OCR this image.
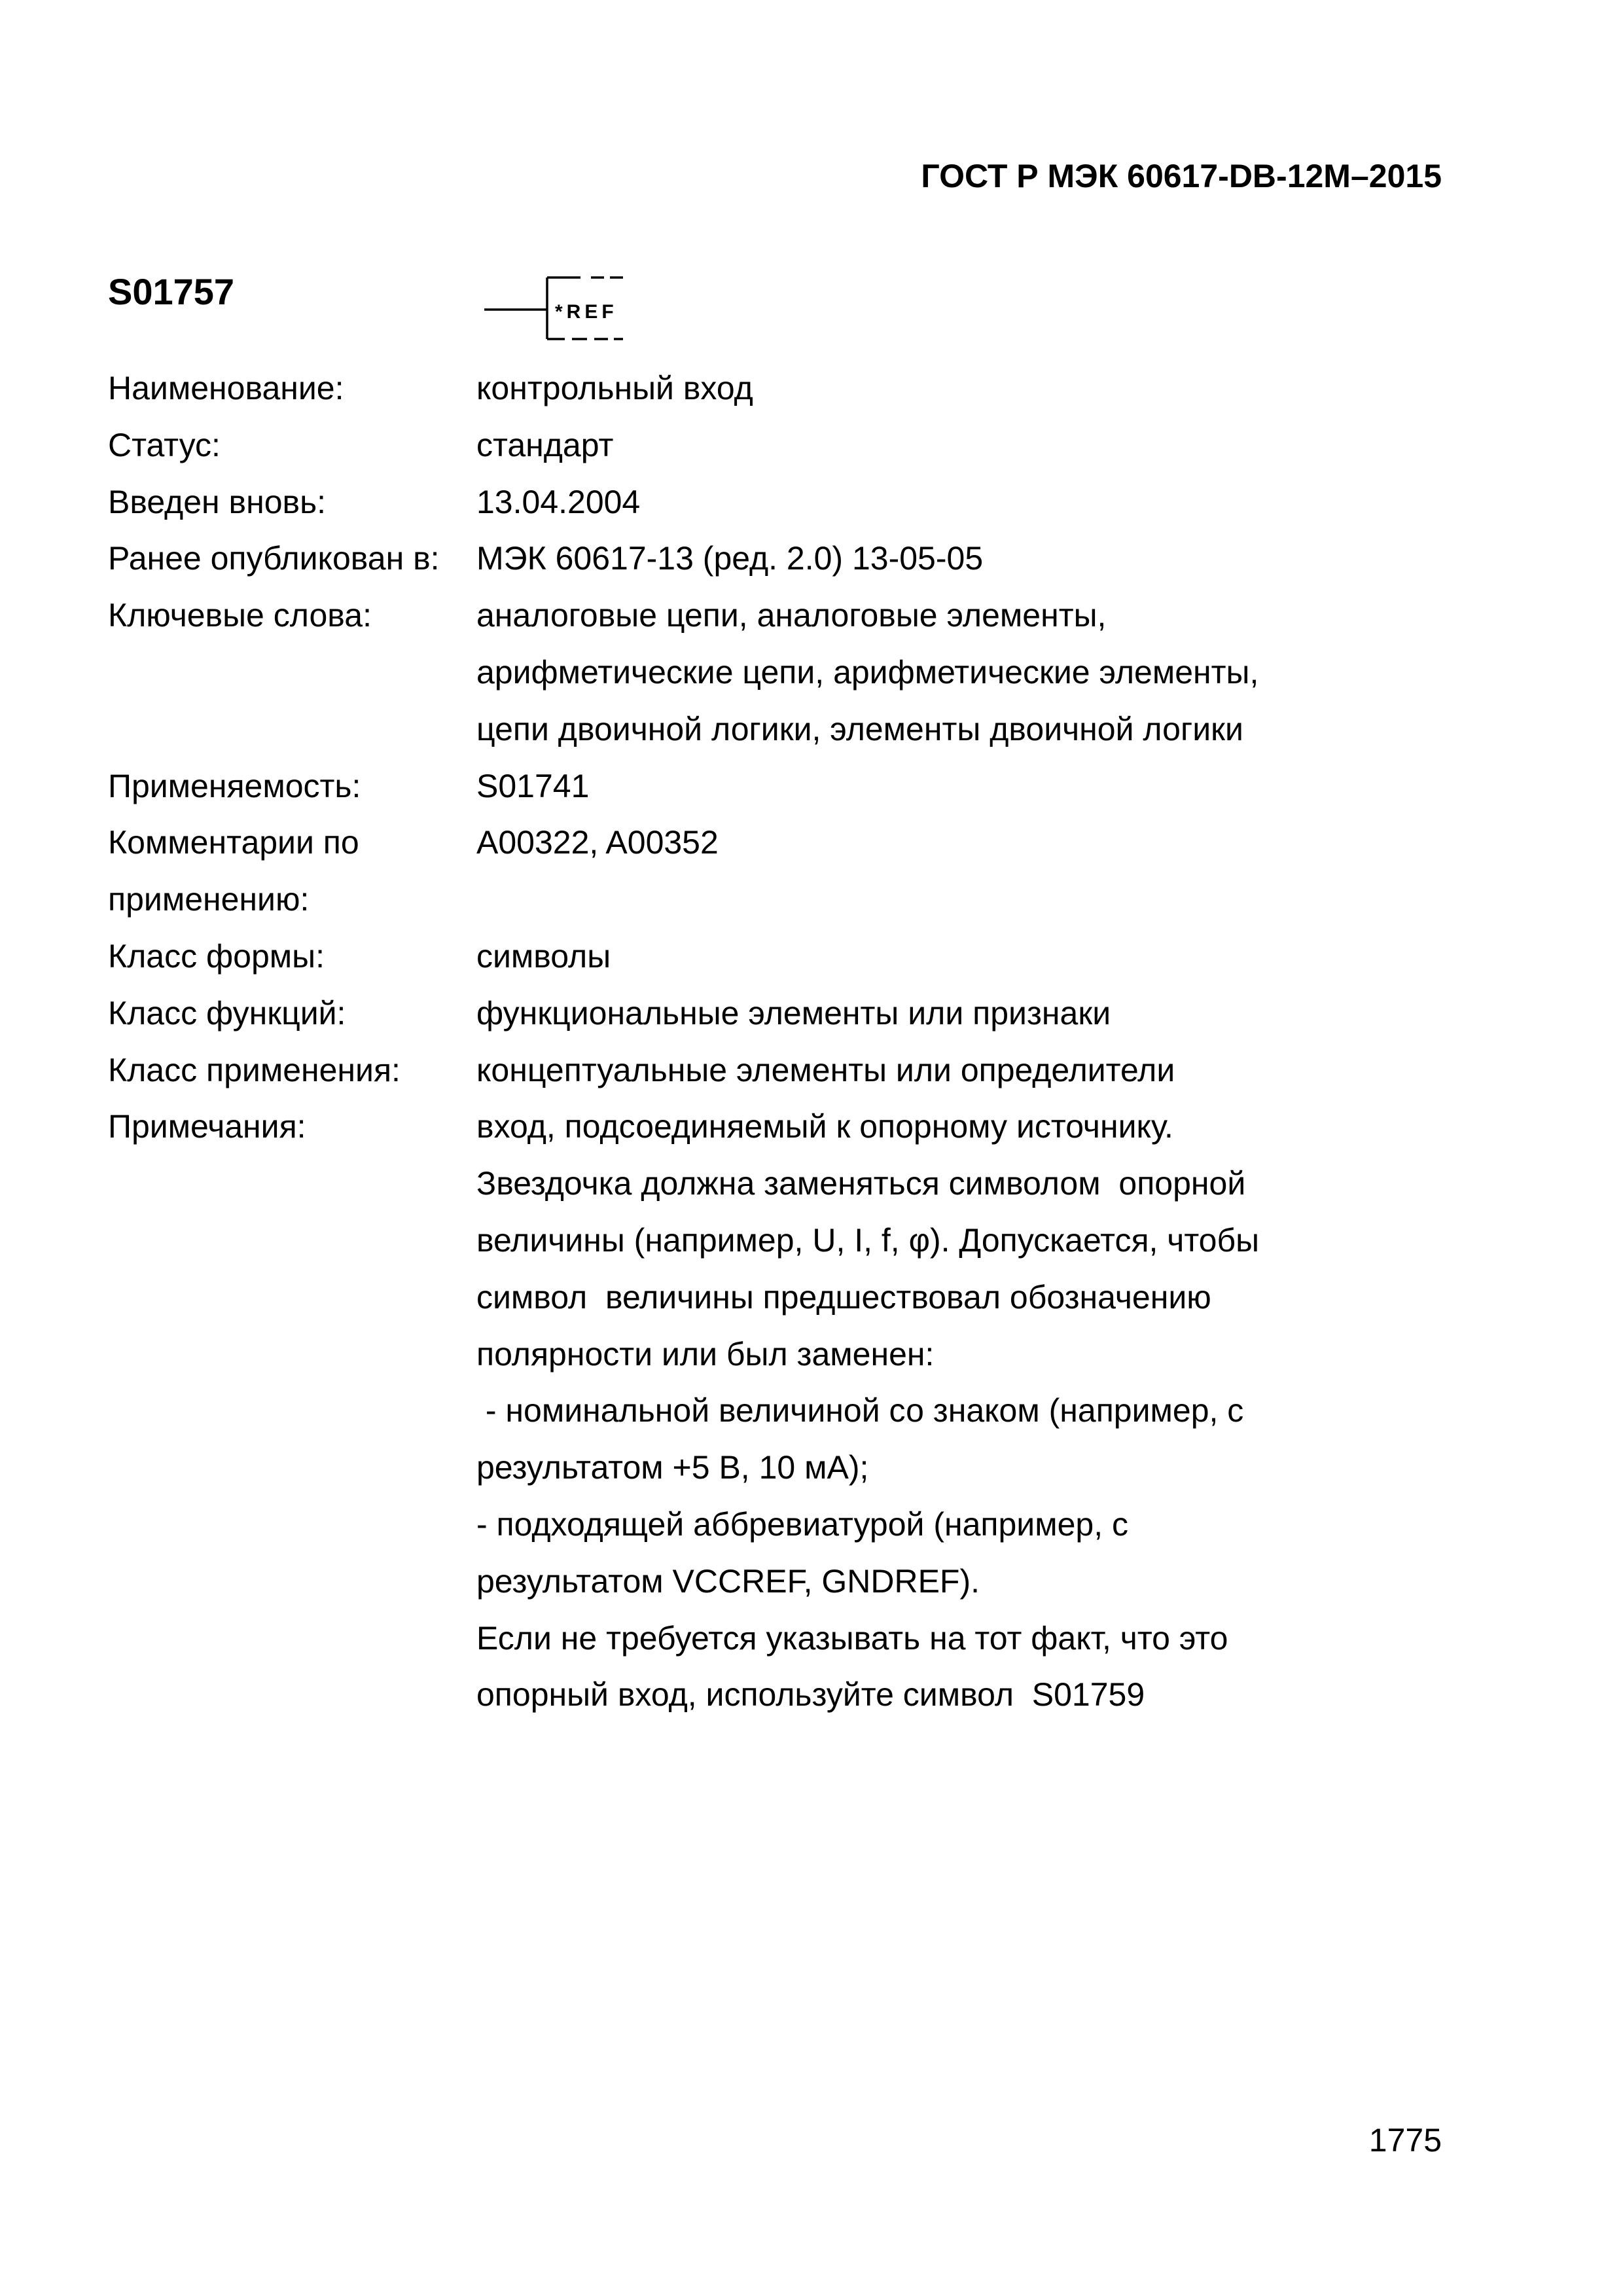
ГОСТ Р МЭК 60617-DB-12M–2015
S01757	*REF
Наименование:	контрольный вход
Статус:	стандарт
Введен вновь:	13.04.2004
Ранее опубликован в:	МЭК 60617-13 (ред. 2.0) 13-05-05
Ключевые слова:	аналоговые цепи, аналоговые элементы,
арифметические цепи, арифметические элементы,
цепи двоичной логики, элементы двоичной логики
Применяемость:	S01741
Комментарии по
применению:
A00322, A00352
Класс формы:	символы
Класс функций:	функциональные элементы или признаки
Класс применения:	концептуальные элементы или определители
Примечания:	вход, подсоединяемый к опорному источнику.
Звездочка должна заменяться символом  опорной
величины (например, U, I, f, φ). Допускается, чтобы
символ  величины предшествовал обозначению
полярности или был заменен:
- номинальной величиной со знаком (например, с
результатом +5 В, 10 мА);
- подходящей аббревиатурой (например, с
результатом VCCREF, GNDREF).
Если не требуется указывать на тот факт, что это
опорный вход, используйте символ  S01759
1775
